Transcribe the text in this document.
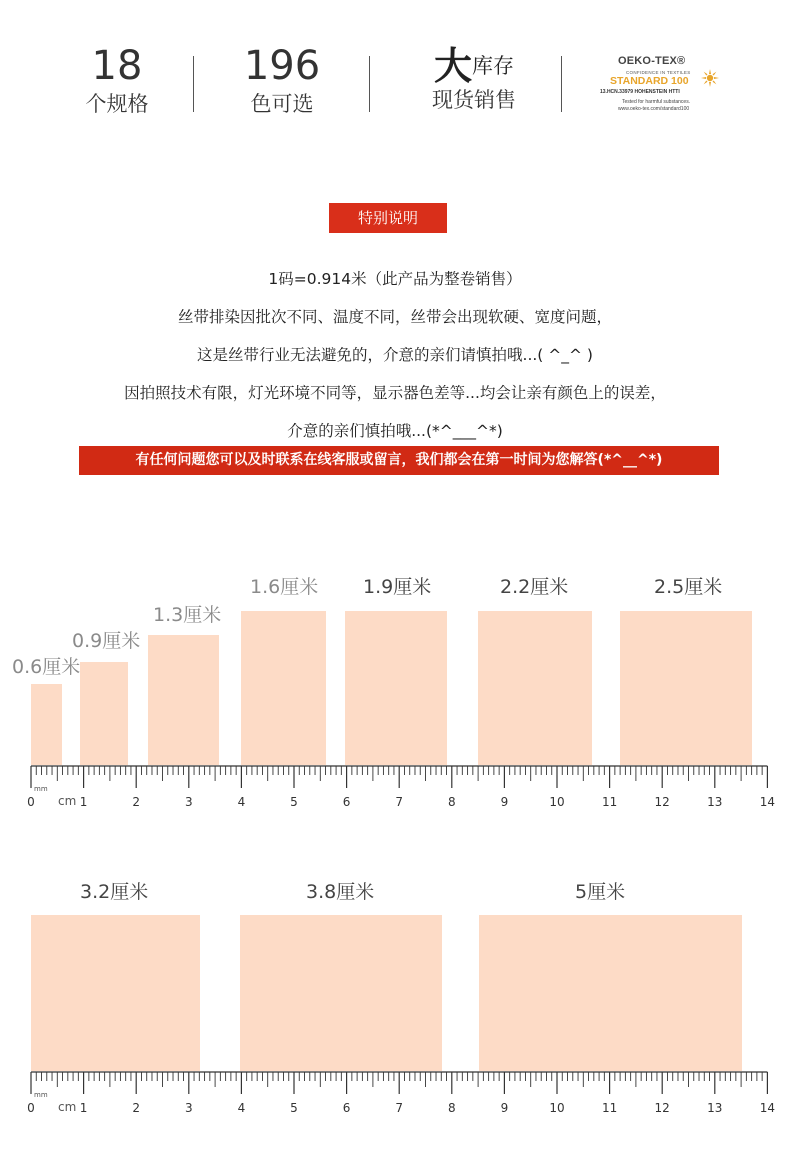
18
个规格
196
色可选
大库存
现货销售
OEKO-TEX®
CONFIDENCE IN TEXTILES
STANDARD 100
13.HCN.33979 HOHENSTEIN HTTI
Tested for harmful substances.
www.oeko-tex.com/standard100
特别说明
1码=0.914米（此产品为整卷销售）
丝带排染因批次不同、温度不同，丝带会出现软硬、宽度问题，
这是丝带行业无法避免的，介意的亲们请慎拍哦...( ^_^ )
因拍照技术有限，灯光环境不同等，显示器色差等...均会让亲有颜色上的误差，
介意的亲们慎拍哦...(*^___^*)
有任何问题您可以及时联系在线客服或留言，我们都会在第一时间为您解答(*^__^*)
0.6厘米
0.9厘米
1.3厘米
1.6厘米 1.9厘米	2.2厘米	2.5厘米
0	1	2	3	4	5	6	7	8	9	10	11	12	13	14
mm
cm
3.2厘米	3.8厘米	5厘米
0	1	2	3	4	5	6	7	8	9	10	11	12	13	14
mm
cm
